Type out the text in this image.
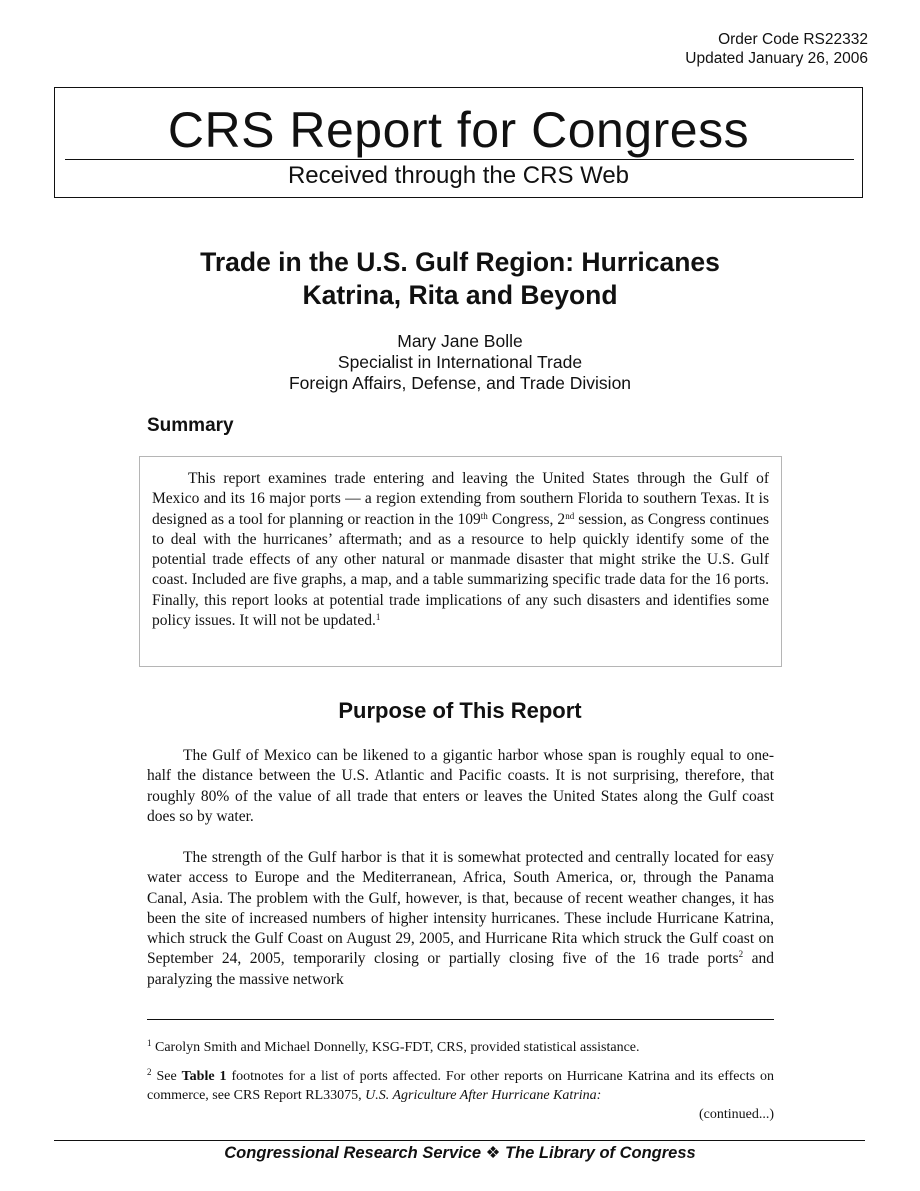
Order Code RS22332
Updated January 26, 2006
CRS Report for Congress
Received through the CRS Web
Trade in the U.S. Gulf Region: Hurricanes
Katrina, Rita and Beyond
Mary Jane Bolle
Specialist in International Trade
Foreign Affairs, Defense, and Trade Division
Summary

This report examines trade entering and leaving the United States through the Gulf of Mexico and its 16 major ports — a region extending from southern Florida to southern Texas. It is designed as a tool for planning or reaction in the 109th Congress, 2nd session, as Congress continues to deal with the hurricanes’ aftermath; and as a resource to help quickly identify some of the potential trade effects of any other natural or manmade disaster that might strike the U.S. Gulf coast. Included are five graphs, a map, and a table summarizing specific trade data for the 16 ports. Finally, this report looks at potential trade implications of any such disasters and identifies some policy issues. It will not be updated.$^1$

Purpose of This Report

The Gulf of Mexico can be likened to a gigantic harbor whose span is roughly equal to one-half the distance between the U.S. Atlantic and Pacific coasts. It is not surprising, therefore, that roughly 80% of the value of all trade that enters or leaves the United States along the Gulf coast does so by water.

The strength of the Gulf harbor is that it is somewhat protected and centrally located for easy water access to Europe and the Mediterranean, Africa, South America, or, through the Panama Canal, Asia. The problem with the Gulf, however, is that, because of recent weather changes, it has been the site of increased numbers of higher intensity hurricanes. These include Hurricane Katrina, which struck the Gulf Coast on August 29, 2005, and Hurricane Rita which struck the Gulf coast on September 24, 2005, temporarily closing or partially closing five of the 16 trade ports$^2$ and paralyzing the massive network

$^1$ Carolyn Smith and Michael Donnelly, KSG-FDT, CRS, provided statistical assistance.

$^2$ See Table 1 footnotes for a list of ports affected. For other reports on Hurricane Katrina and its effects on commerce, see CRS Report RL33075, U.S. Agriculture After Hurricane Katrina:

(continued...)
Congressional Research Service ❖ The Library of Congress
